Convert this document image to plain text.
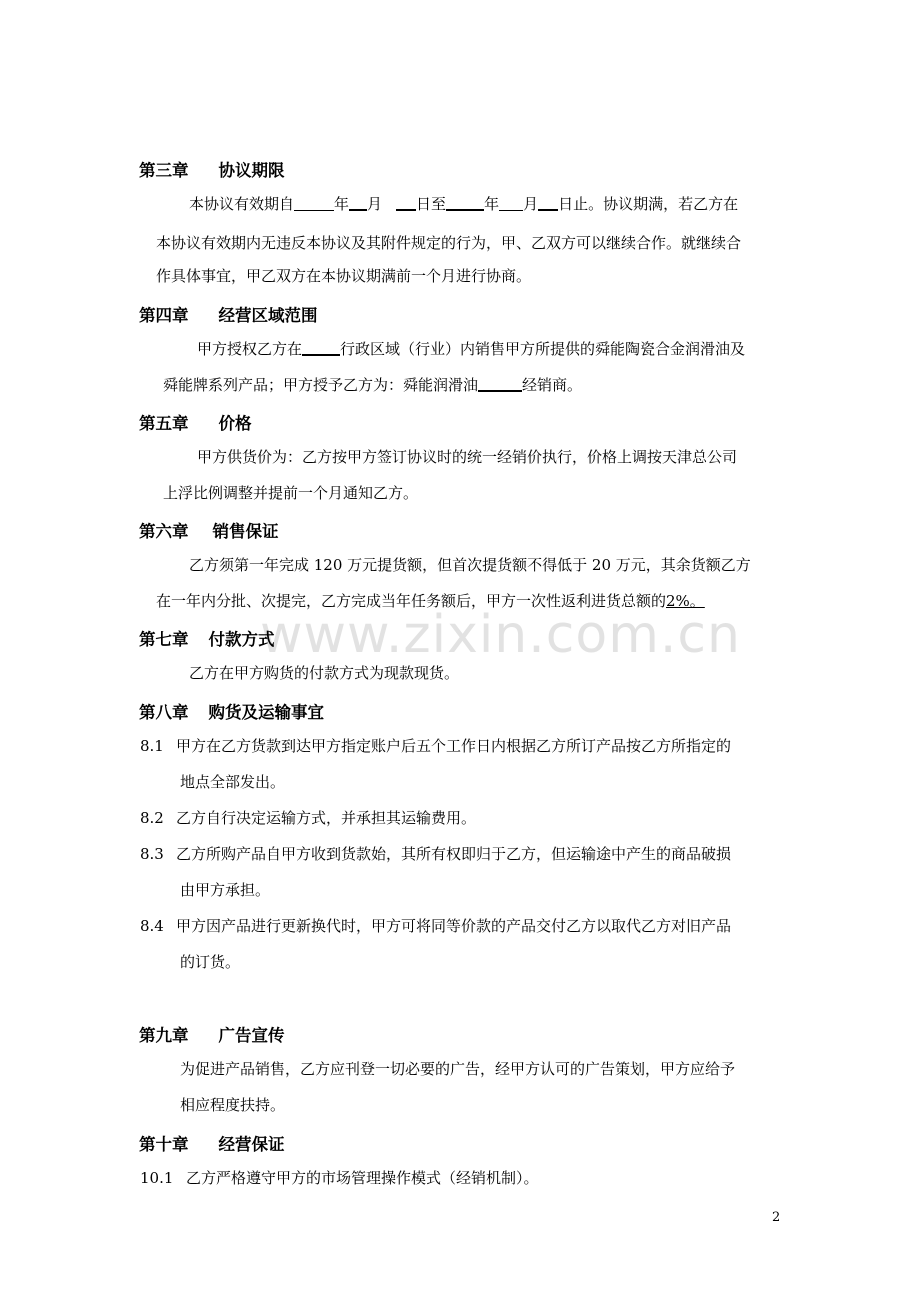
www.zixin.com.cn
第三章 协议期限
本协议有效期自	年 月 日至	年 月 日止。协议期满，若乙方在
本协议有效期内无违反本协议及其附件规定的行为，甲、乙双方可以继续合作。就继续合
作具体事宜，甲乙双方在本协议期满前一个月进行协商。
第四章 经营区域范围
甲方授权乙方在	行政区域（行业）内销售甲方所提供的舜能陶瓷合金润滑油及
舜能牌系列产品；甲方授予乙方为：舜能润滑油	经销商。
第五章 价格
甲方供货价为：乙方按甲方签订协议时的统一经销价执行，价格上调按天津总公司
上浮比例调整并提前一个月通知乙方。
第六章 销售保证
乙方须第一年完成 120 万元提货额，但首次提货额不得低于 20 万元，其余货额乙方
在一年内分批、次提完，乙方完成当年任务额后，甲方一次性返利进货总额的2%。
第七章 付款方式
乙方在甲方购货的付款方式为现款现货。
第八章 购货及运输事宜
8.1 甲方在乙方货款到达甲方指定账户后五个工作日内根据乙方所订产品按乙方所指定的
地点全部发出。
8.2 乙方自行决定运输方式，并承担其运输费用。
8.3 乙方所购产品自甲方收到货款始，其所有权即归于乙方，但运输途中产生的商品破损
由甲方承担。
8.4 甲方因产品进行更新换代时，甲方可将同等价款的产品交付乙方以取代乙方对旧产品
的订货。
第九章 广告宣传
为促进产品销售，乙方应刊登一切必要的广告，经甲方认可的广告策划，甲方应给予
相应程度扶持。
第十章 经营保证
10.1 乙方严格遵守甲方的市场管理操作模式（经销机制）。
2
